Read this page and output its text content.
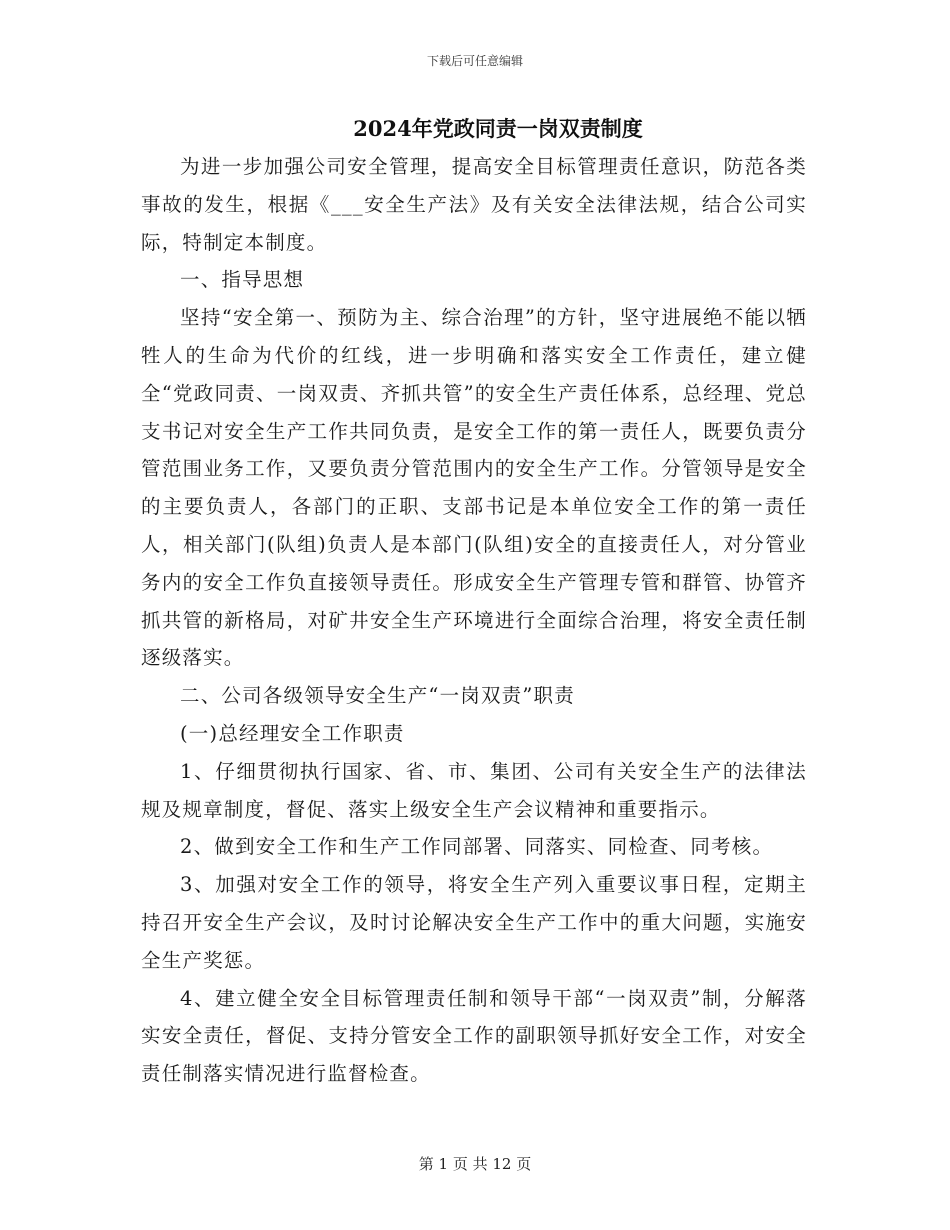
下载后可任意编辑
2024年党政同责一岗双责制度

为进一步加强公司安全管理，提高安全目标管理责任意识，防范各类事故的发生，根据《___安全生产法》及有关安全法律法规，结合公司实际，特制定本制度。

一、指导思想

坚持“安全第一、预防为主、综合治理”的方针，坚守进展绝不能以牺牲人的生命为代价的红线，进一步明确和落实安全工作责任，建立健全“党政同责、一岗双责、齐抓共管”的安全生产责任体系，总经理、党总支书记对安全生产工作共同负责，是安全工作的第一责任人，既要负责分管范围业务工作，又要负责分管范围内的安全生产工作。分管领导是安全的主要负责人，各部门的正职、支部书记是本单位安全工作的第一责任人，相关部门(队组)负责人是本部门(队组)安全的直接责任人，对分管业务内的安全工作负直接领导责任。形成安全生产管理专管和群管、协管齐抓共管的新格局，对矿井安全生产环境进行全面综合治理，将安全责任制逐级落实。

二、公司各级领导安全生产“一岗双责”职责

(一)总经理安全工作职责

1、仔细贯彻执行国家、省、市、集团、公司有关安全生产的法律法规及规章制度，督促、落实上级安全生产会议精神和重要指示。

2、做到安全工作和生产工作同部署、同落实、同检查、同考核。

3、加强对安全工作的领导，将安全生产列入重要议事日程，定期主持召开安全生产会议，及时讨论解决安全生产工作中的重大问题，实施安全生产奖惩。

4、建立健全安全目标管理责任制和领导干部“一岗双责”制，分解落实安全责任，督促、支持分管安全工作的副职领导抓好安全工作，对安全责任制落实情况进行监督检查。

第 1 页 共 12 页
